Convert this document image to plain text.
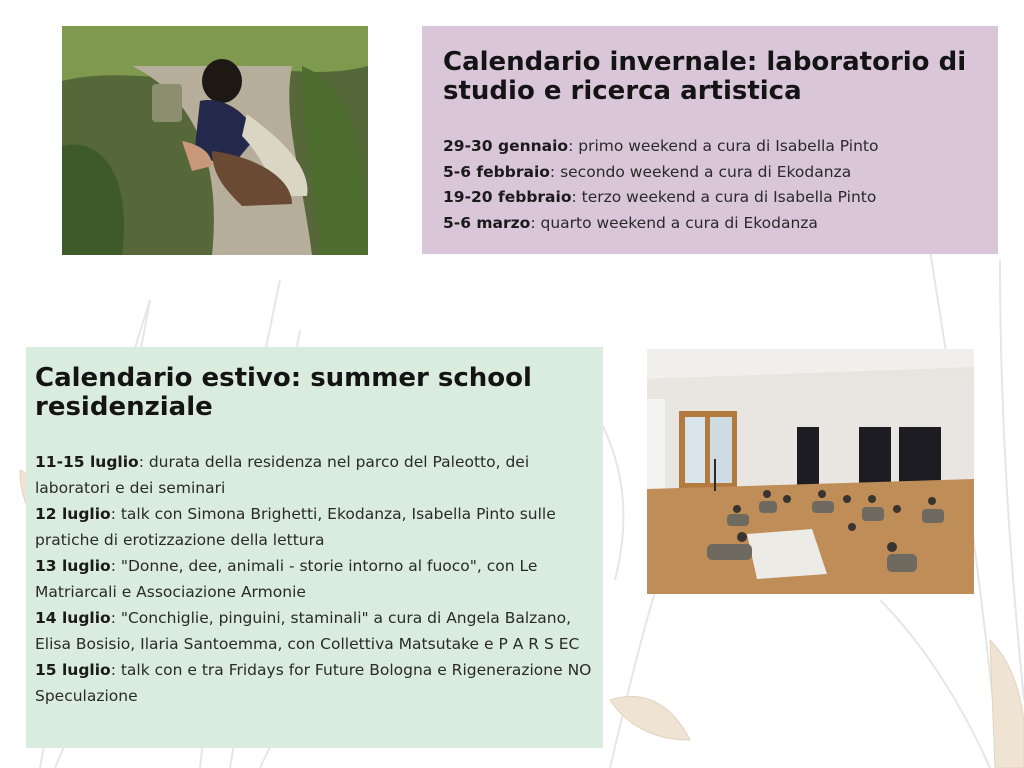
Calendario invernale: laboratorio di studio e ricerca artistica
29-30 gennaio: primo weekend a cura di Isabella Pinto
5-6 febbraio: secondo weekend a cura di Ekodanza
19-20 febbraio: terzo weekend a cura di Isabella Pinto
5-6 marzo: quarto weekend a cura di Ekodanza
Calendario estivo: summer school residenziale
11-15 luglio: durata della residenza nel parco del Paleotto, dei laboratori e dei seminari
12 luglio: talk con Simona Brighetti, Ekodanza, Isabella Pinto sulle pratiche di erotizzazione della lettura
13 luglio: "Donne, dee, animali - storie intorno al fuoco", con Le Matriarcali e Associazione Armonie
14 luglio: "Conchiglie, pinguini, staminali" a cura di Angela Balzano, Elisa Bosisio, Ilaria Santoemma, con Collettiva Matsutake e P A R S EC
15 luglio: talk con e tra Fridays for Future Bologna e Rigenerazione NO Speculazione
